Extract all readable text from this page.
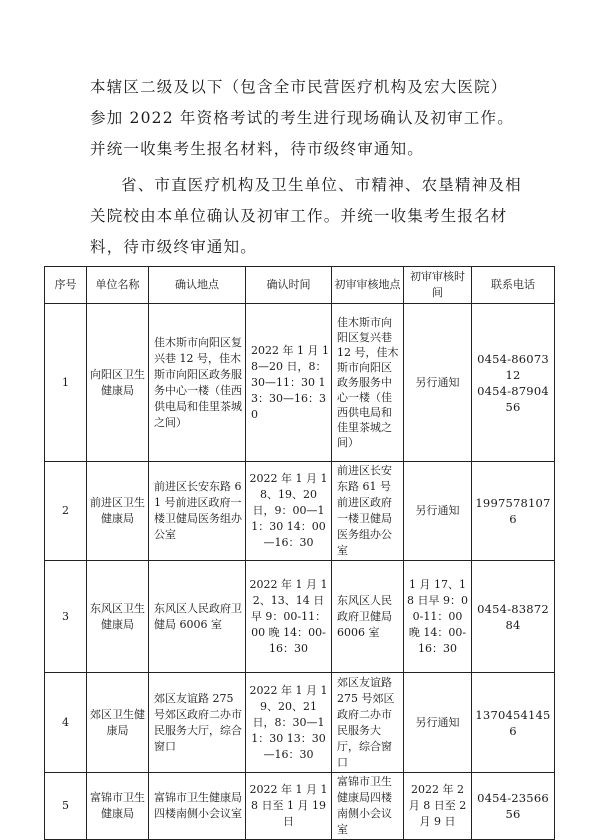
本辖区二级及以下（包含全市民营医疗机构及宏大医院）

参加 2022 年资格考试的考生进行现场确认及初审工作。

并统一收集考生报名材料，待市级终审通知。

省、市直医疗机构及卫生单位、市精神、农垦精神及相

关院校由本单位确认及初审工作。并统一收集考生报名材

料，待市级终审通知。

序号	单位名称	确认地点	确认时间	初审审核地点	初审审核时间	联系电话
1	向阳区卫生健康局	佳木斯市向阳区复兴巷 12 号，佳木斯市向阳区政务服务中心一楼（佳西供电局和佳里茶城之间）	2022 年 1 月 18—20 日，8：30—11：30 13：30—16：30	佳木斯市向阳区复兴巷 12 号，佳木斯市向阳区政务服务中心一楼（佳西供电局和佳里茶城之间）	另行通知	0454-8607312
0454-8790456

2	前进区卫生健康局	前进区长安东路 61 号前进区政府一楼卫健局医务组办公室	2022 年 1 月 18、19、20 日，9：00—11：30 14：00—16：30	前进区长安东路 61 号前进区政府一楼卫健局医务组办公室	另行通知	19975781076

3	东风区卫生健康局	东风区人民政府卫健局 6006 室	2022 年 1 月 12、13、14 日早 9：00-11：00 晚 14：00-16：30	东风区人民政府卫健局 6006 室	1 月 17、18 日早 9：00-11：00 晚 14：00-16：30	0454-8387284

4	郊区卫生健康局	郊区友谊路 275 号郊区政府二办市民服务大厅，综合窗口	2022 年 1 月 19、20、21 日，8：30—11：30 13：30—16：30	郊区友谊路 275 号郊区政府二办市民服务大厅，综合窗口	另行通知	13704541456

5	富锦市卫生健康局	富锦市卫生健康局四楼南侧小会议室	2022 年 1 月 18 日至 1 月 19 日	富锦市卫生健康局四楼南侧小会议室	2022 年 2 月 8 日至 2 月 9 日	0454-2356656
